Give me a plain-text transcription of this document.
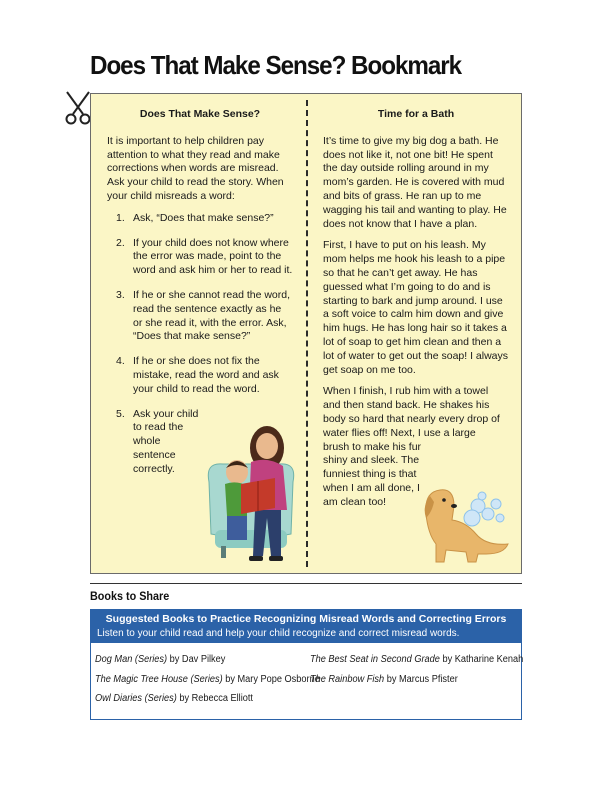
Does That Make Sense? Bookmark
Does That Make Sense?

It is important to help children pay attention to what they read and make corrections when words are misread. Ask your child to read the story. When your child misreads a word:

1. Ask, “Does that make sense?”
2. If your child does not know where the error was made, point to the word and ask him or her to read it.
3. If he or she cannot read the word, read the sentence exactly as he or she read it, with the error. Ask, “Does that make sense?”
4. If he or she does not fix the mistake, read the word and ask your child to read the word.
5. Ask your child to read the whole sentence correctly.
Time for a Bath

It’s time to give my big dog a bath. He does not like it, not one bit! He spent the day outside rolling around in my mom’s garden. He is covered with mud and bits of grass. He ran up to me wagging his tail and wanting to play. He does not know that I have a plan.

First, I have to put on his leash. My mom helps me hook his leash to a pipe so that he can’t get away. He has guessed what I’m going to do and is starting to bark and jump around. I use a soft voice to calm him down and give him hugs. He has long hair so it takes a lot of soap to get him clean and then a lot of water to get out the soap! I always get soap on me too.

When I finish, I rub him with a towel and then stand back. He shakes his body so hard that nearly every drop of water flies off! Next, I use a large
brush to make his fur shiny and sleek. The
funniest thing is that when I am all done, I am clean too!

Books to Share
Suggested Books to Practice Recognizing Misread Words and Correcting Errors
Listen to your child read and help your child recognize and correct misread words.
Dog Man (Series) by Dav Pilkey
The Magic Tree House (Series) by Mary Pope Osborne
Owl Diaries (Series) by Rebecca Elliott
The Best Seat in Second Grade by Katharine Kenah
The Rainbow Fish by Marcus Pfister
